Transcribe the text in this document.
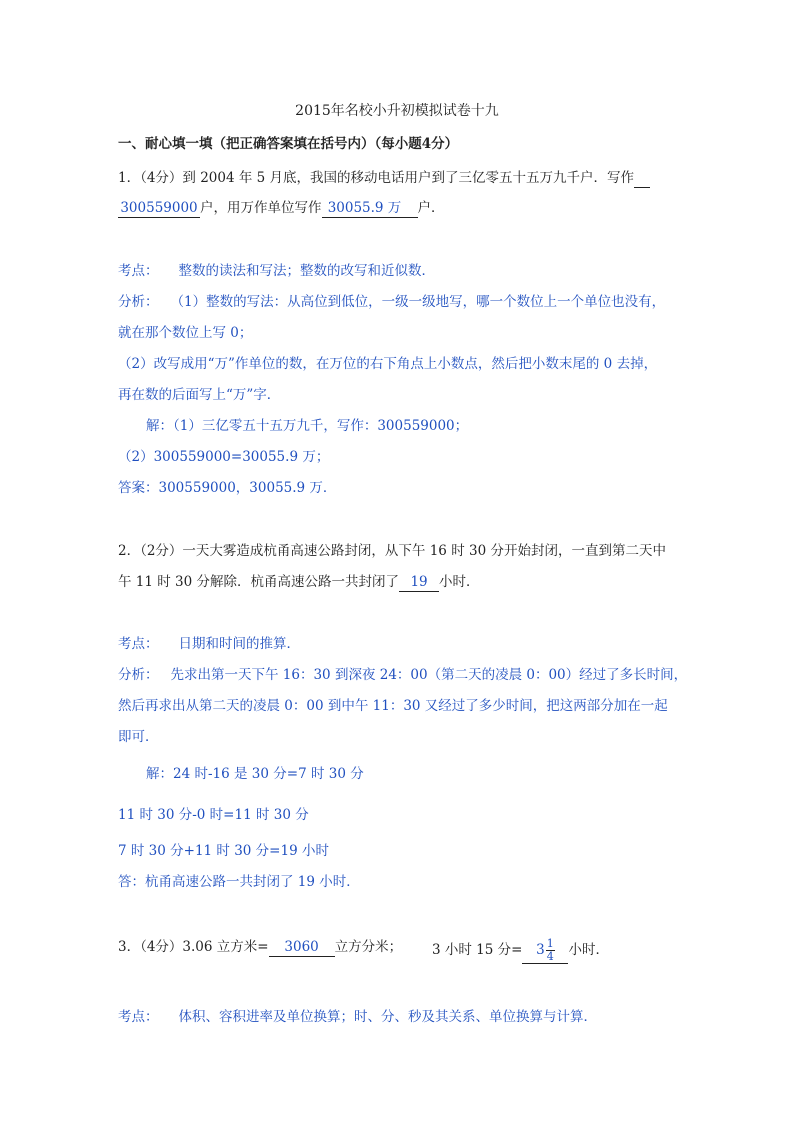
2015年名校小升初模拟试卷十九
一、耐心填一填（把正确答案填在括号内）（每小题4分）
1．（4分）到 2004 年 5 月底，我国的移动电话用户到了三亿零五十五万九千户．写作
300559000 户，用万作单位写作 30055.9 万 户．
考点： 整数的读法和写法；整数的改写和近似数．
分析： （1）整数的写法：从高位到低位，一级一级地写，哪一个数位上一个单位也没有，
就在那个数位上写 0；
（2）改写成用“万”作单位的数，在万位的右下角点上小数点，然后把小数末尾的 0 去掉，
再在数的后面写上“万”字．
解：（1）三亿零五十五万九千，写作：300559000；
（2）300559000=30055.9 万；
答案：300559000，30055.9 万．
2．（2分）一天大雾造成杭甬高速公路封闭，从下午 16 时 30 分开始封闭，一直到第二天中
午 11 时 30 分解除．杭甬高速公路一共封闭了 19 小时．
考点： 日期和时间的推算．
分析： 先求出第一天下午 16：30 到深夜 24：00（第二天的凌晨 0：00）经过了多长时间，
然后再求出从第二天的凌晨 0：00 到中午 11：30 又经过了多少时间，把这两部分加在一起
即可．
解：24 时-16 是 30 分=7 时 30 分
11 时 30 分-0 时=11 时 30 分
7 时 30 分+11 时 30 分=19 小时
答：杭甬高速公路一共封闭了 19 小时．
3．（4分）3.06 立方米= 3060 立方分米； 3 小时 15 分= $3 \frac{1}{4}$ 小时．
考点： 体积、容积进率及单位换算；时、分、秒及其关系、单位换算与计算．
